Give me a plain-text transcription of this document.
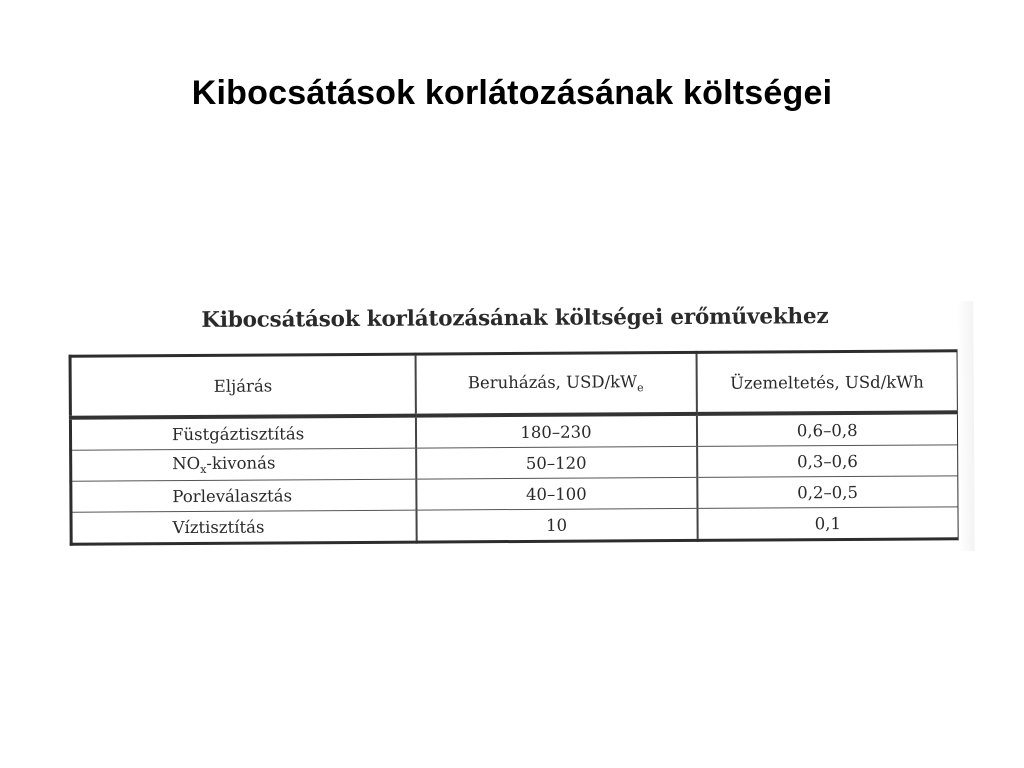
Kibocsátások korlátozásának költségei
Kibocsátások korlátozásának költségei erőművekhez
Eljárás	Beruházás, USD/$kW_e$	Üzemeltetés, USd/kWh
Füstgáztisztítás	180–230	0,6–0,8
$NO_x$-kivonás	50–120	0,3–0,6
Porleválasztás	40–100	0,2–0,5
Víztisztítás	10	0,1
